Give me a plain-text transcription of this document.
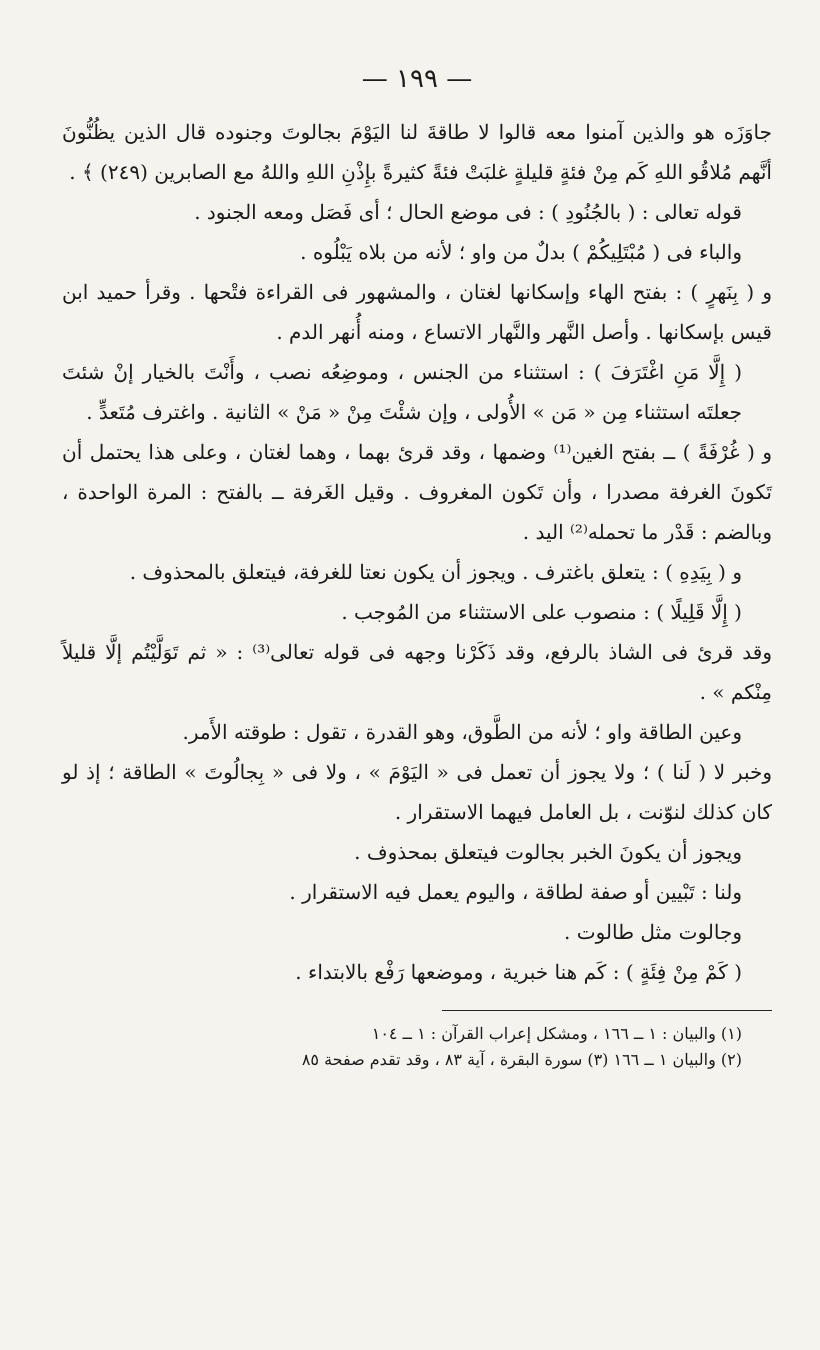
— ١٩٩ —

جاوَزَه هو والذين آمنوا معه قالوا لا طاقةَ لنا اليَوْمَ بجالوتَ وجنوده قال الذين يظُنُّونَ أنَّهم مُلاقُو اللهِ كَم مِنْ فئةٍ قليلةٍ غلبَتْ فئةً كثيرةً بإِذْنِ اللهِ واللهُ مع الصابرين (٢٤٩) ﴾ .

قوله تعالى : ( بالجُنُودِ ) : فى موضع الحال ؛ أى فَصَل ومعه الجنود .

والباء فى ( مُبْتَلِيكُمْ ) بدلٌ من واو ؛ لأنه من بلاه يَبْلُوه .

و ( بِنَهرٍ ) : بفتح الهاء وإسكانها لغتان ، والمشهور فى القراءة فتْحها . وقرأ حميد ابن قيس بإسكانها . وأصل النَّهر والنَّهار الاتساع ، ومنه أُنهر الدم .

( إِلَّا مَنِ اغْتَرَفَ ) : استثناء من الجنس ، وموضِعُه نصب ، وأَنْتَ بالخيار إنْ شئتَ جعلتَه استثناء مِن « مَن » الأُولى ، وإن شئْتَ مِنْ « مَنْ » الثانية . واغترف مُتَعدٍّ .

و ( غُرْفَةً ) ــ بفتح الغين⁽¹⁾ وضمها ، وقد قرئ بهما ، وهما لغتان ، وعلى هذا يحتمل أن تَكونَ الغرفة مصدرا ، وأن تَكون المغروف . وقيل الغَرفة ــ بالفتح : المرة الواحدة ، وبالضم : قَدْر ما تحمله⁽²⁾ اليد .

و ( بِيَدِهِ ) : يتعلق باغترف . ويجوز أن يكون نعتا للغرفة، فيتعلق بالمحذوف .

( إِلَّا قَلِيلًا ) : منصوب على الاستثناء من المُوجب .

وقد قرئ فى الشاذ بالرفع، وقد ذَكَرْنا وجهه فى قوله تعالى⁽³⁾ : « ثم تَوَلَّيْتُم إلَّا قليلاً مِنْكم » .

وعين الطاقة واو ؛ لأنه من الطَّوق، وهو القدرة ، تقول : طوقته الأَمر.

وخبر لا ( لَنا ) ؛ ولا يجوز أن تعمل فى « اليَوْمَ » ، ولا فى « بِجالُوتَ » الطاقة ؛ إذ لو كان كذلك لنوّنت ، بل العامل فيهما الاستقرار .

ويجوز أن يكونَ الخبر بجالوت فيتعلق بمحذوف .

ولنا : تَبْيين أو صفة لطاقة ، واليوم يعمل فيه الاستقرار .

وجالوت مثل طالوت .

( كَمْ مِنْ فِئَةٍ ) : كَم هنا خبرية ، وموضعها رَفْع بالابتداء .

(١) والبيان : ١ ــ ١٦٦ ، ومشكل إعراب القرآن : ١ ــ ١٠٤

(٢) والبيان ١ ــ ١٦٦ (٣) سورة البقرة ، آية ٨٣ ، وقد تقدم صفحة ٨٥
